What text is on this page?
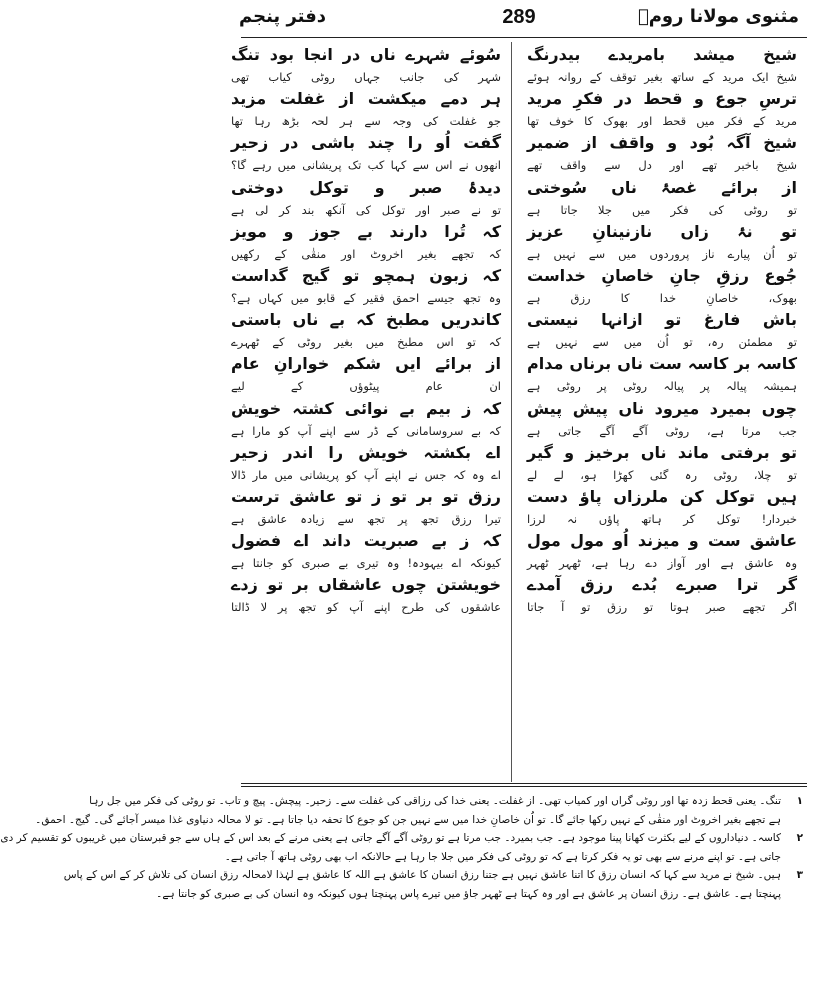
مثنوی مولانا رومؒ
289
دفتر پنجم
شیخ میشد بامریدے بیدرنگ
شیخ ایک مرید کے ساتھ بغیر توقف کے روانہ ہوئے
ترسِ جوع و قحط در فکرِ مرید
مرید کے فکر میں قحط اور بھوک کا خوف تھا
شیخ آگہ بُود و واقف از ضمیر
شیخ باخبر تھے اور دل سے واقف تھے
از برائے غصۂ ناں سُوختی
تو روٹی کی فکر میں جلا جاتا ہے
تو نۂ زاں نازنینانِ عزیز
تو اُن پیارے ناز پروردوں میں سے نہیں ہے
جُوع رزقِ جانِ خاصانِ خداست
بھوک، خاصانِ خدا کا رزق ہے
باش فارغ تو ازانہا نیستی
تو مطمئن رہ، تو اُن میں سے نہیں ہے
کاسہ بر کاسہ ست ناں برناں مدام
ہمیشہ پیالہ پر پیالہ روٹی پر روٹی ہے
چوں بمیرد میرود ناں پیش پیش
جب مرتا ہے، روٹی آگے آگے جاتی ہے
تو برفتی ماند ناں برخیز و گیر
تو چلا، روٹی رہ گئی کھڑا ہو، لے لے
ہیں توکل کن ملرزاں پاؤ دست
خبردار! توکل کر ہاتھ پاؤں نہ لرزا
عاشق ست و میزند اُو مول مول
وہ عاشق ہے اور آواز دے رہا ہے، ٹھہر ٹھہر
گر ترا صبرے بُدے رزق آمدے
اگر تجھے صبر ہوتا تو رزق تو آ جاتا
سُوئے شہرے ناں در انجا بود تنگ
شہر کی جانب جہاں روٹی کیاب تھی
ہر دمے میکشت از غفلت مزید
جو غفلت کی وجہ سے ہر لحہ بڑھ رہا تھا
گفت اُو را چند باشی در زحیر
انھوں نے اس سے کہا کب تک پریشانی میں رہے گا؟
دیدۂ صبر و توکل دوختی
تو نے صبر اور توکل کی آنکھ بند کر لی ہے
کہ تُرا دارند بے جوز و مویز
کہ تجھے بغیر اخروٹ اور منقٰی کے رکھیں
کہ زبون ہمچو تو گیج گداست
وہ تجھ جیسے احمق فقیر کے قابو میں کہاں ہے؟
کاندریں مطبخ کہ بے ناں باستی
کہ تو اس مطبخ میں بغیر روٹی کے ٹھہرے
از برائے ایں شکم خوارانِ عام
ان عام پیٹوؤں کے لیے
کہ ز بیم بے نوائی کشتہ خویش
کہ بے سروسامانی کے ڈر سے اپنے آپ کو مارا ہے
اے بکشتہ خویش را اندر زحیر
اے وہ کہ جس نے اپنے آپ کو پریشانی میں مار ڈالا
رزق تو بر تو ز تو عاشق ترست
تیرا رزق تجھ پر تجھ سے زیادہ عاشق ہے
کہ ز بے صبریت داند اے فضول
کیونکہ اے بیہودہ! وہ تیری بے صبری کو جانتا ہے
خویشتن چوں عاشقاں بر تو زدے
عاشقوں کی طرح اپنے آپ کو تجھ پر لا ڈالتا
۱
تنگ۔ یعنی قحط زدہ تھا اور روٹی گراں اور کمیاب تھی۔ از غفلت۔ یعنی خدا کی رزاقی کی غفلت سے۔ زحیر۔ پیچش۔ پیچ و تاب۔ تو روٹی کی فکر میں جل رہا
ہے تجھے بغیر اخروٹ اور منقٰی کے نہیں رکھا جائے گا۔ تو اُن خاصانِ خدا میں سے نہیں جن کو جوع کا تحفہ دیا جاتا ہے۔ تو لا محالہ دنیاوی غذا میسر آجائے گی۔ گیج۔ احمق۔
۲
کاسہ۔ دنیاداروں کے لیے بکثرت کھانا پینا موجود ہے۔ جب بمیرد۔ جب مرتا ہے تو روٹی آگے آگے جاتی ہے یعنی مرنے کے بعد اس کے ہاں سے جو قبرستان میں غریبوں کو تقسیم کر دی
جاتی ہے۔ تو اپنے مرنے سے بھی تو یہ فکر کرتا ہے کہ تو روٹی کی فکر میں جلا جا رہا ہے حالانکہ اب بھی روٹی ہاتھ آ جاتی ہے۔
۳
ہیں۔ شیخ نے مرید سے کہا کہ انسان رزق کا اتنا عاشق نہیں ہے جتنا رزق انسان کا عاشق ہے اللہ کا عاشق ہے لہٰذا لامحالہ رزق انسان کی تلاش کر کے اس کے پاس
پہنچتا ہے۔ عاشق ہے۔ رزق انسان پر عاشق ہے اور وہ کہتا ہے ٹھہر جاؤ میں تیرے پاس پہنچتا ہوں کیونکہ وہ انسان کی بے صبری کو جانتا ہے۔
